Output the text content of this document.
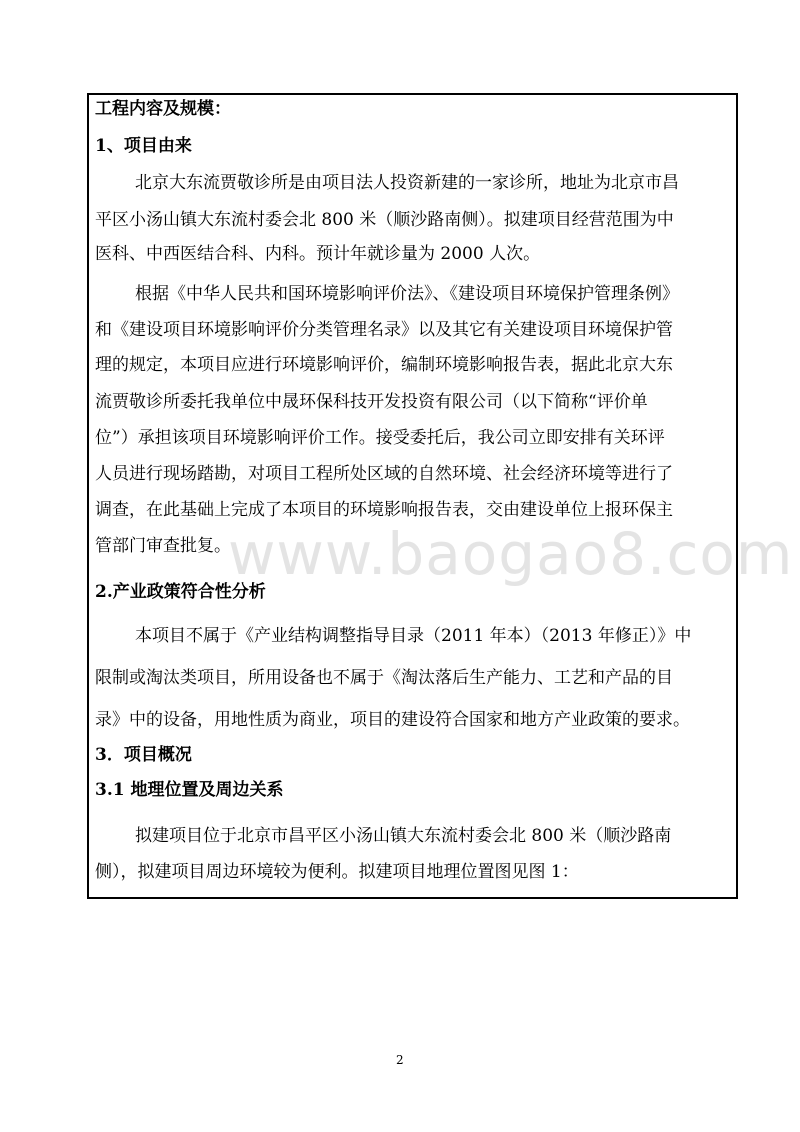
www.baogao8.com
工程内容及规模：
1、项目由来
北京大东流贾敬诊所是由项目法人投资新建的一家诊所，地址为北京市昌
平区小汤山镇大东流村委会北 800 米（顺沙路南侧）。拟建项目经营范围为中
医科、中西医结合科、内科。预计年就诊量为 2000 人次。
根据《中华人民共和国环境影响评价法》、《建设项目环境保护管理条例》
和《建设项目环境影响评价分类管理名录》以及其它有关建设项目环境保护管
理的规定，本项目应进行环境影响评价，编制环境影响报告表，据此北京大东
流贾敬诊所委托我单位中晟环保科技开发投资有限公司（以下简称“评价单
位”）承担该项目环境影响评价工作。接受委托后，我公司立即安排有关环评
人员进行现场踏勘，对项目工程所处区域的自然环境、社会经济环境等进行了
调查，在此基础上完成了本项目的环境影响报告表，交由建设单位上报环保主
管部门审查批复。
2.产业政策符合性分析
本项目不属于《产业结构调整指导目录（2011 年本）（2013 年修正）》中
限制或淘汰类项目，所用设备也不属于《淘汰落后生产能力、工艺和产品的目
录》中的设备，用地性质为商业，项目的建设符合国家和地方产业政策的要求。
3．项目概况
3.1 地理位置及周边关系
拟建项目位于北京市昌平区小汤山镇大东流村委会北 800 米（顺沙路南
侧），拟建项目周边环境较为便利。拟建项目地理位置图见图 1：
2
